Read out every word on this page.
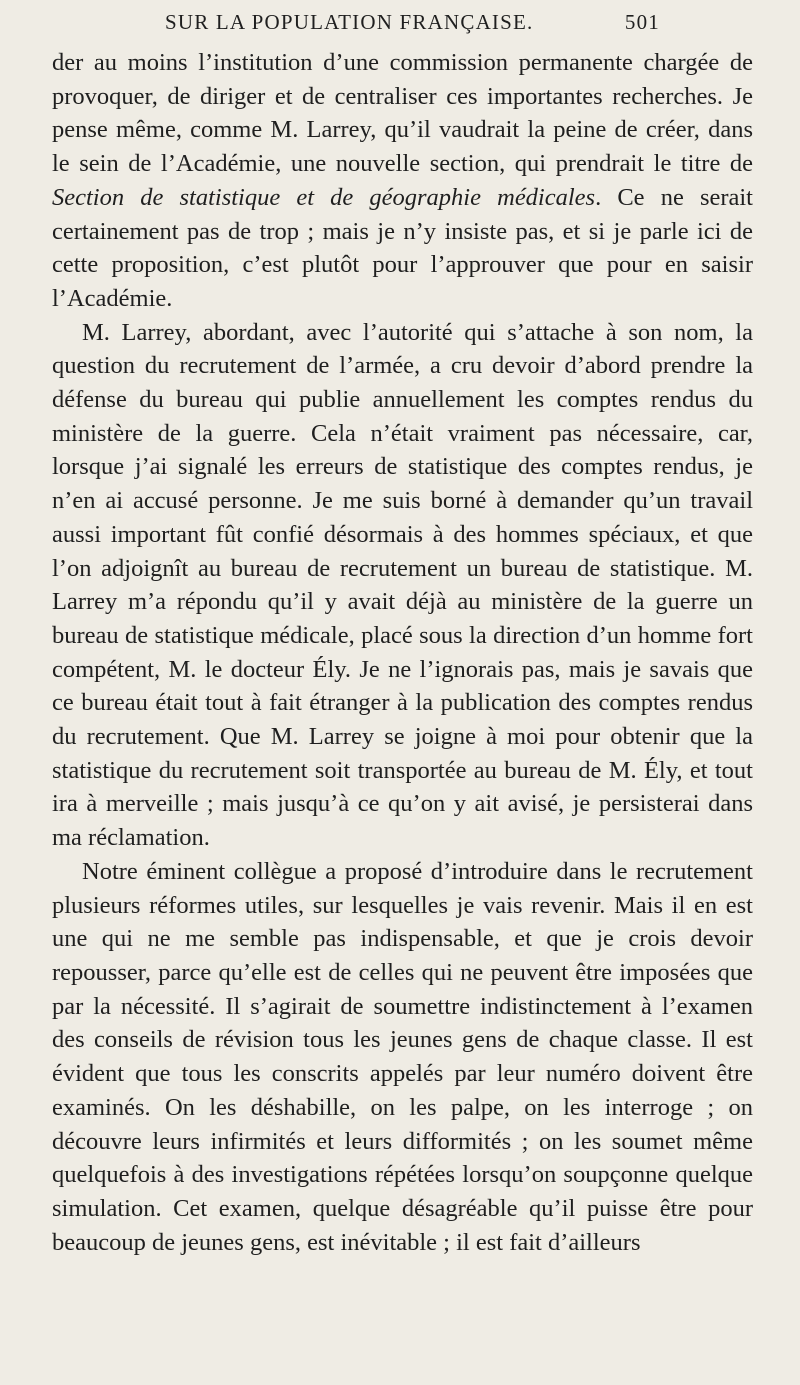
SUR LA POPULATION FRANÇAISE.	501

der au moins l’institution d’une commission permanente chargée de provoquer, de diriger et de centraliser ces importantes recherches. Je pense même, comme M. Larrey, qu’il vaudrait la peine de créer, dans le sein de l’Académie, une nouvelle section, qui prendrait le titre de Section de statistique et de géographie médicales. Ce ne serait certainement pas de trop ; mais je n’y insiste pas, et si je parle ici de cette proposition, c’est plutôt pour l’approuver que pour en saisir l’Académie.

M. Larrey, abordant, avec l’autorité qui s’attache à son nom, la question du recrutement de l’armée, a cru devoir d’abord prendre la défense du bureau qui publie annuellement les comptes rendus du ministère de la guerre. Cela n’était vraiment pas nécessaire, car, lorsque j’ai signalé les erreurs de statistique des comptes rendus, je n’en ai accusé personne. Je me suis borné à demander qu’un travail aussi important fût confié désormais à des hommes spéciaux, et que l’on adjoignît au bureau de recrutement un bureau de statistique. M. Larrey m’a répondu qu’il y avait déjà au ministère de la guerre un bureau de statistique médicale, placé sous la direction d’un homme fort compétent, M. le docteur Ély. Je ne l’ignorais pas, mais je savais que ce bureau était tout à fait étranger à la publication des comptes rendus du recrutement. Que M. Larrey se joigne à moi pour obtenir que la statistique du recrutement soit transportée au bureau de M. Ély, et tout ira à merveille ; mais jusqu’à ce qu’on y ait avisé, je persisterai dans ma réclamation.

Notre éminent collègue a proposé d’introduire dans le recrutement plusieurs réformes utiles, sur lesquelles je vais revenir. Mais il en est une qui ne me semble pas indispensable, et que je crois devoir repousser, parce qu’elle est de celles qui ne peuvent être imposées que par la nécessité. Il s’agirait de soumettre indistinctement à l’examen des conseils de révision tous les jeunes gens de chaque classe. Il est évident que tous les conscrits appelés par leur numéro doivent être examinés. On les déshabille, on les palpe, on les interroge ; on découvre leurs infirmités et leurs difformités ; on les soumet même quelquefois à des investigations répétées lorsqu’on soupçonne quelque simulation. Cet examen, quelque désagréable qu’il puisse être pour beaucoup de jeunes gens, est inévitable ; il est fait d’ailleurs
